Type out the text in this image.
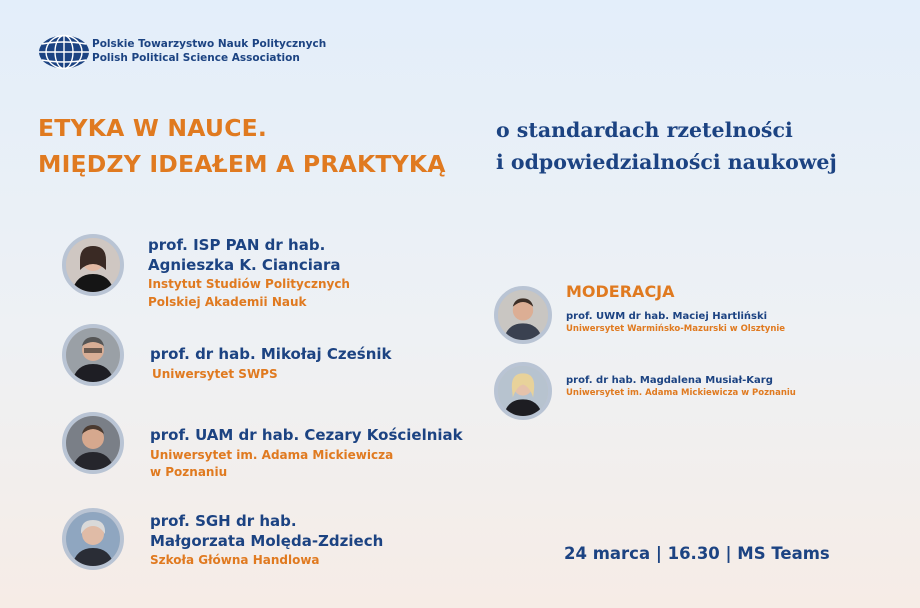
Polskie Towarzystwo Nauk Politycznych
Polish Political Science Association
ETYKA W NAUCE.
MIĘDZY IDEAŁEM A PRAKTYKĄ
o standardach rzetelności
i odpowiedzialności naukowej
prof. ISP PAN dr hab.
Agnieszka K. Cianciara
Instytut Studiów Politycznych
Polskiej Akademii Nauk
prof. dr hab. Mikołaj Cześnik
Uniwersytet SWPS
prof. UAM dr hab. Cezary Kościelniak
Uniwersytet im. Adama Mickiewicza
w Poznaniu
prof. SGH dr hab.
Małgorzata Molęda-Zdziech
Szkoła Główna Handlowa
MODERACJA
prof. UWM dr hab. Maciej Hartliński
Uniwersytet Warmińsko-Mazurski w Olsztynie
prof. dr hab. Magdalena Musiał-Karg
Uniwersytet im. Adama Mickiewicza w Poznaniu
24 marca | 16.30 | MS Teams
